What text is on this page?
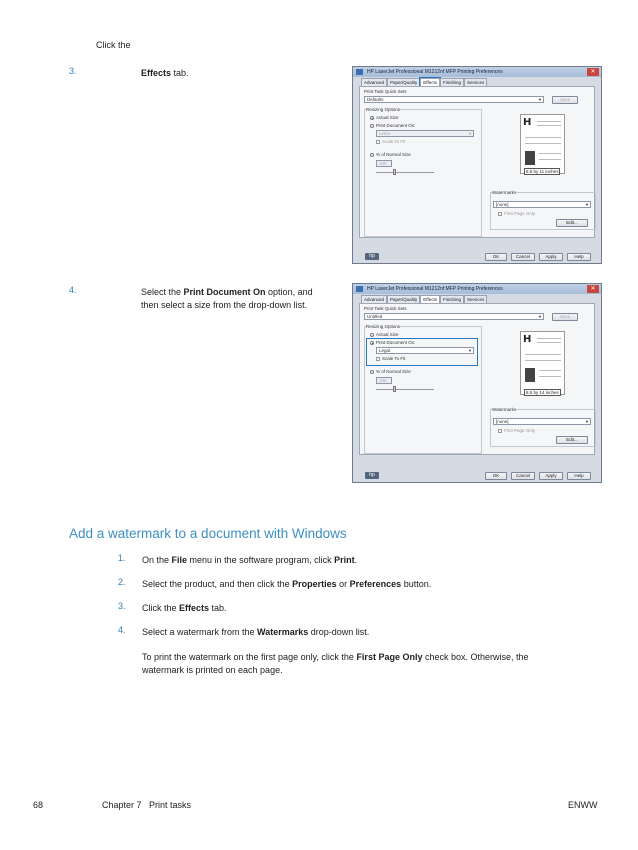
Click the
3.	Effects tab.
4.	Select the Print Document On option, and
then select a size from the drop-down list.
HP LaserJet Professional M1212nf MFP Printing Preferences	✕
Advanced	Paper/Quality	Effects	Finishing	Services
Print Task Quick Sets
Defaults	▼	Save
Resizing Options
Actual Size
Print Document On:
Letter	▼
Scale To Fit
% of Normal Size
100
H
8.5 by 11 inches
Watermarks
[none]	▼
First Page Only
Edit...
hp	OK	Cancel	Apply	Help
HP LaserJet Professional M1212nf MFP Printing Preferences	✕
Advanced	Paper/Quality	Effects	Finishing	Services
Print Task Quick Sets
Untitled	▼	Save
Resizing Options
Actual Size
Print Document On:
Legal	▼
Scale To Fit
% of Normal Size
100
H
8.5 by 14 inches
Watermarks
[none]	▼
First Page Only
Edit...
hp	OK	Cancel	Apply	Help
Add a watermark to a document with Windows
1. On the File menu in the software program, click Print.
2. Select the product, and then click the Properties or Preferences button.
3. Click the Effects tab.
4. Select a watermark from the Watermarks drop-down list.
To print the watermark on the first page only, click the First Page Only check box. Otherwise, the
watermark is printed on each page.
68	Chapter 7   Print tasks	ENWW
